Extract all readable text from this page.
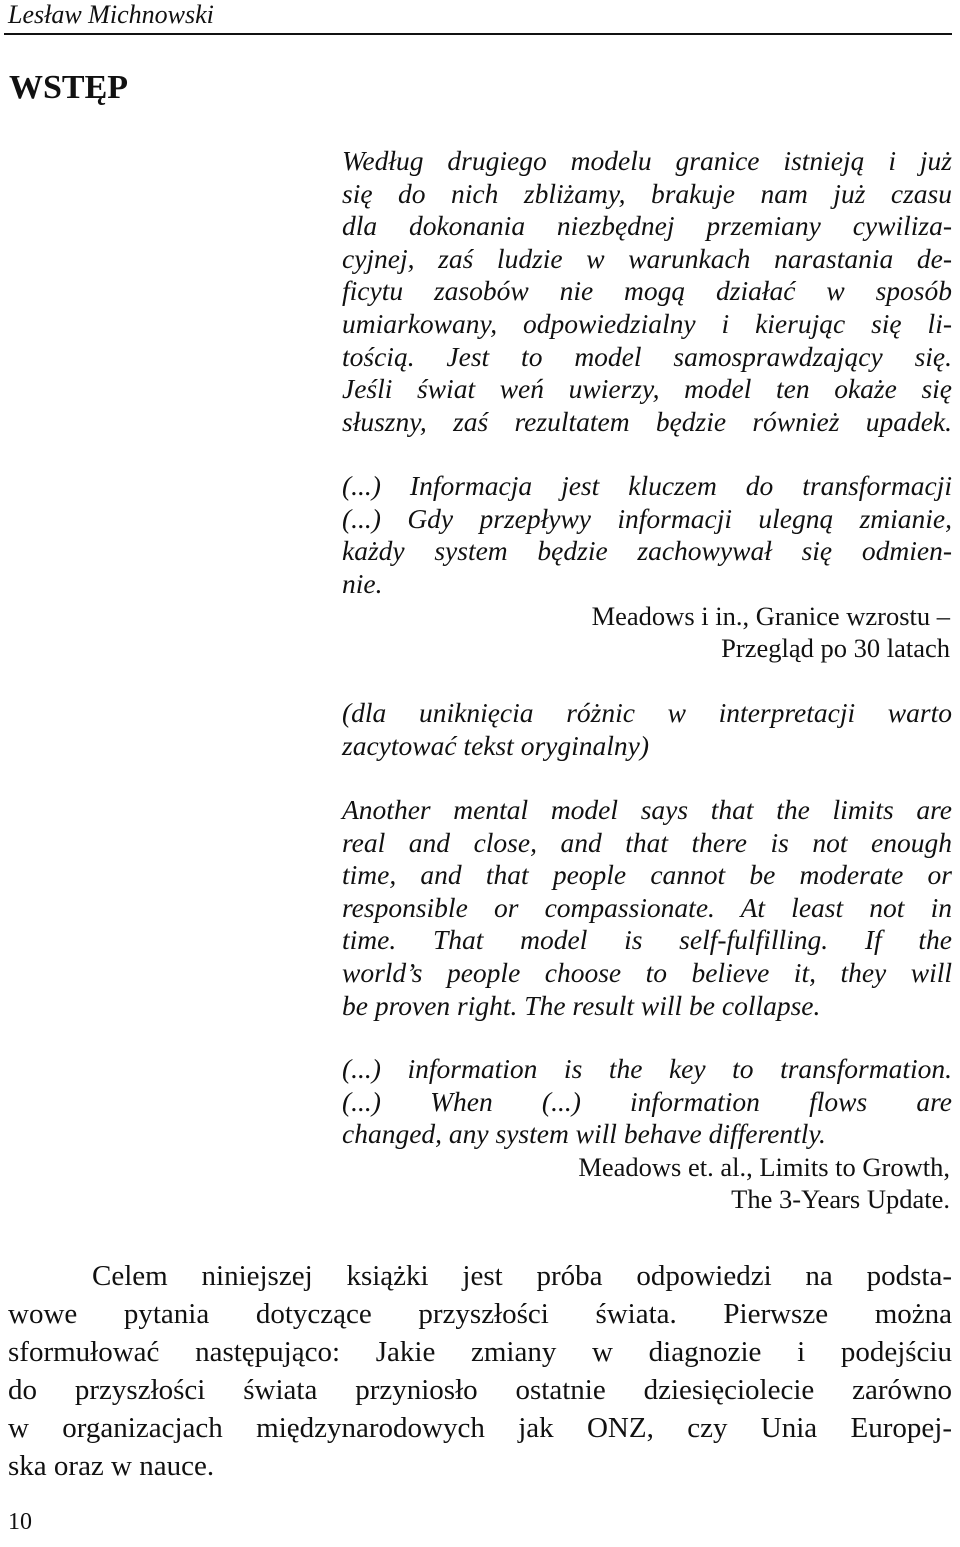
Lesław Michnowski
WSTĘP
Według drugiego modelu granice istnieją i już
się do nich zbliżamy, brakuje nam już czasu
dla dokonania niezbędnej przemiany cywiliza-
cyjnej, zaś ludzie w warunkach narastania de-
ficytu zasobów nie mogą działać w sposób
umiarkowany, odpowiedzialny i kierując się li-
tością. Jest to model samosprawdzający się.
Jeśli świat weń uwierzy, model ten okaże się
słuszny, zaś rezultatem będzie również upadek.
(...) Informacja jest kluczem do transformacji
(...) Gdy przepływy informacji ulegną zmianie,
każdy system będzie zachowywał się odmien-
nie.
Meadows i in., Granice wzrostu –
Przegląd po 30 latach
(dla uniknięcia różnic w interpretacji warto
zacytować tekst oryginalny)
Another mental model says that the limits are
real and close, and that there is not enough
time, and that people cannot be moderate or
responsible or compassionate. At least not in
time. That model is self-fulfilling. If the
world’s people choose to believe it, they will
be proven right. The result will be collapse.
(...) information is the key to transformation.
(...) When (...) information flows are
changed, any system will behave differently.
Meadows et. al., Limits to Growth,
The 3-Years Update.
Celem niniejszej książki jest próba odpowiedzi na podsta-
wowe pytania dotyczące przyszłości świata. Pierwsze można
sformułować następująco: Jakie zmiany w diagnozie i podejściu
do przyszłości świata przyniosło ostatnie dziesięciolecie zarówno
w organizacjach międzynarodowych jak ONZ, czy Unia Europej-
ska oraz w nauce.
10
